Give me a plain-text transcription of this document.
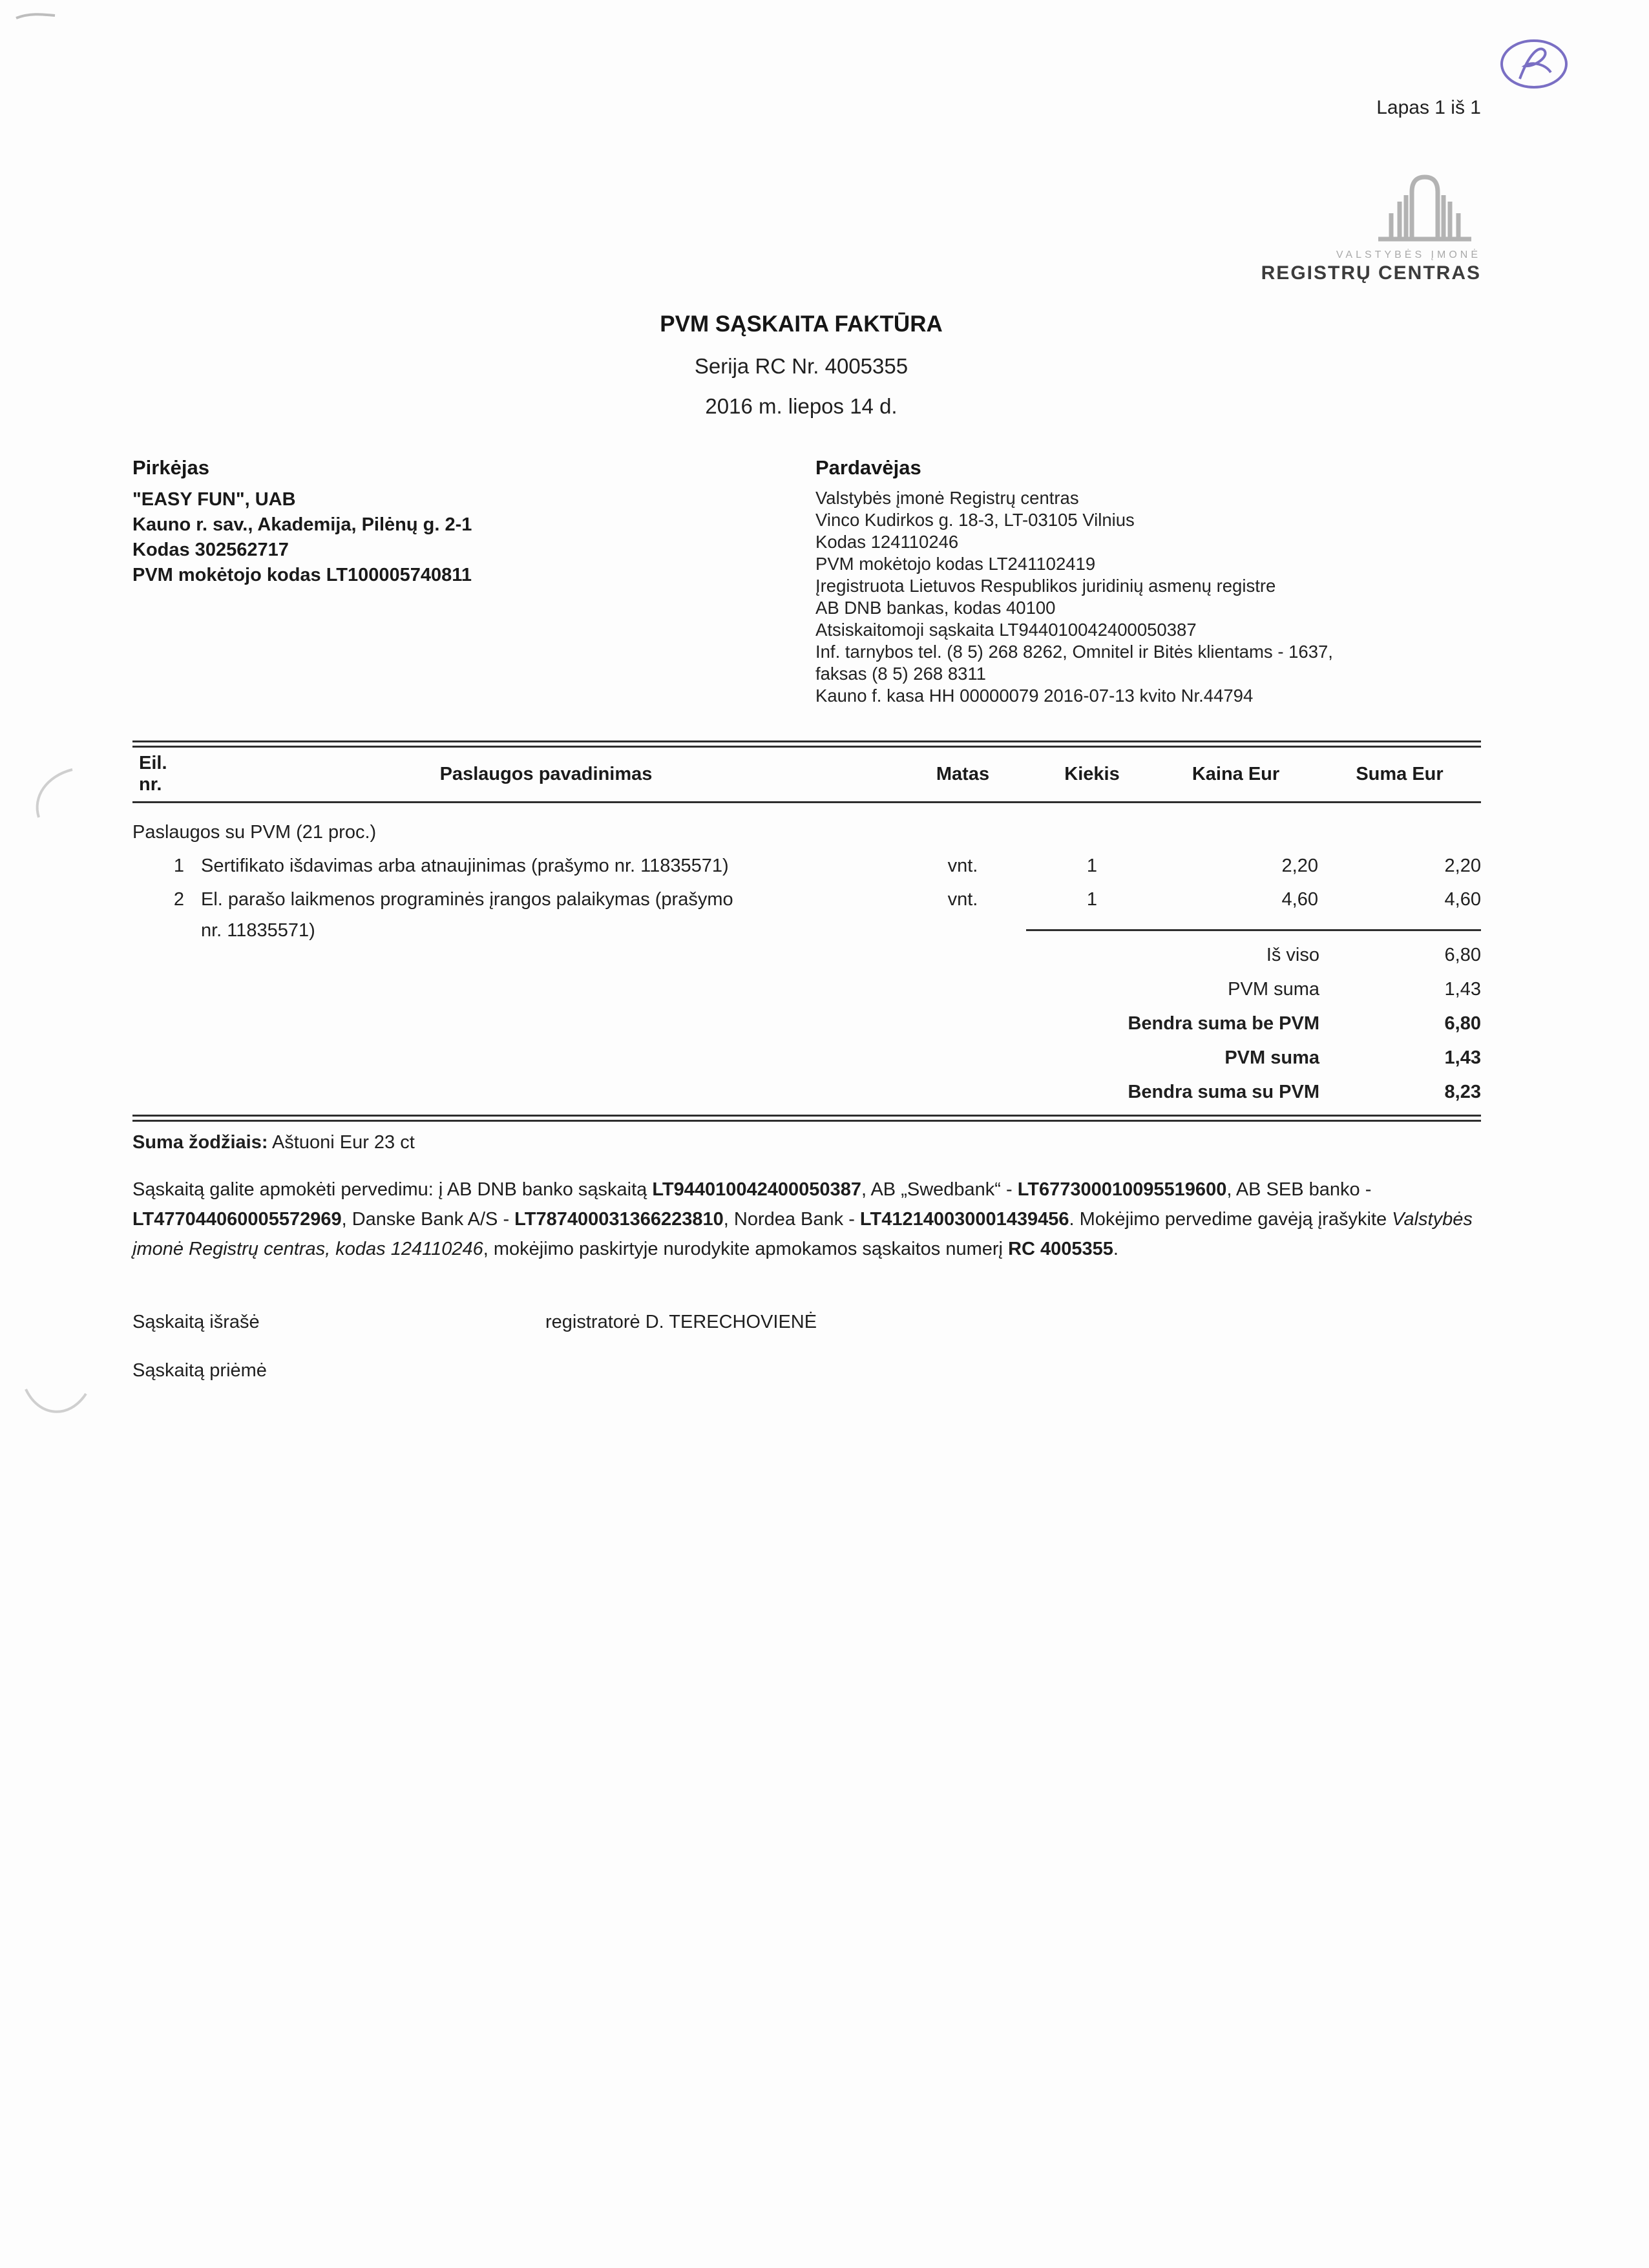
Lapas 1 iš 1
VALSTYBĖS ĮMONĖ
REGISTRŲ CENTRAS
PVM SĄSKAITA FAKTŪRA
Serija RC Nr. 4005355
2016 m. liepos 14 d.
Pirkėjas
"EASY FUN", UAB
Kauno r. sav., Akademija, Pilėnų g. 2-1
Kodas 302562717
PVM mokėtojo kodas LT100005740811
Pardavėjas
Valstybės įmonė Registrų centras
Vinco Kudirkos g. 18-3, LT-03105 Vilnius
Kodas 124110246
PVM mokėtojo kodas LT241102419
Įregistruota Lietuvos Respublikos juridinių asmenų registre
AB DNB bankas, kodas 40100
Atsiskaitomoji sąskaita LT944010042400050387
Inf. tarnybos tel. (8 5) 268 8262, Omnitel ir Bitės klientams - 1637,
faksas (8 5) 268 8311
Kauno f. kasa HH 00000079 2016-07-13 kvito Nr.44794
Eil.
nr.
Paslaugos pavadinimas	Matas	Kiekis	Kaina Eur	Suma Eur
Paslaugos su PVM (21 proc.)
1 Sertifikato išdavimas arba atnaujinimas (prašymo nr. 11835571)	vnt.	1	2,20	2,20
2 El. parašo laikmenos programinės įrangos palaikymas (prašymo nr. 11835571)
vnt.	1	4,60	4,60
Iš viso	6,80
PVM suma	1,43
Bendra suma be PVM	6,80
PVM suma	1,43
Bendra suma su PVM	8,23
Suma žodžiais: Aštuoni Eur 23 ct
Sąskaitą galite apmokėti pervedimu: į AB DNB banko sąskaitą LT944010042400050387, AB „Swedbank“ - LT677300010095519600, AB SEB banko - LT477044060005572969, Danske Bank A/S - LT787400031366223810, Nordea Bank - LT412140030001439456. Mokėjimo pervedime gavėją įrašykite Valstybės įmonė Registrų centras, kodas 124110246, mokėjimo paskirtyje nurodykite apmokamos sąskaitos numerį RC 4005355.
Sąskaitą išrašė	registratorė D. TERECHOVIENĖ
Sąskaitą priėmė
